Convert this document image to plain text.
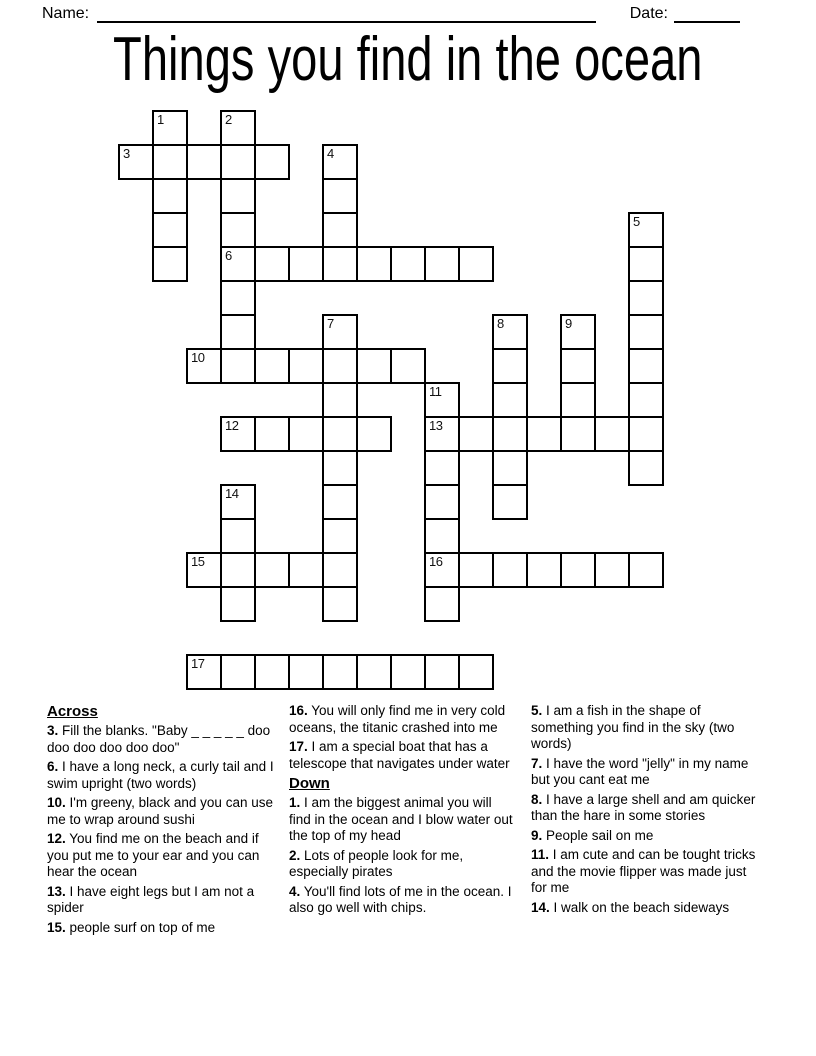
Name:	Date:
Things you find in the ocean
1	2
6
3	4
5
7	8	9
10
11
13
16
12
14
15
17
Across

3. Fill the blanks. "Baby _ _ _ _ _ doo doo doo doo doo doo"

6. I have a long neck, a curly tail and I swim upright (two words)

10. I'm greeny, black and you can use me to wrap around sushi

12. You find me on the beach and if you put me to your ear and you can hear the ocean

13. I have eight legs but I am not a spider

15. people surf on top of me

16. You will only find me in very cold oceans, the titanic crashed into me

17. I am a special boat that has a telescope that navigates under water

Down

1. I am the biggest animal you will find in the ocean and I blow water out the top of my head

2. Lots of people look for me, especially pirates

4. You'll find lots of me in the ocean. I also go well with chips.

5. I am a fish in the shape of something you find in the sky (two words)

7. I have the word "jelly" in my name but you cant eat me

8. I have a large shell and am quicker than the hare in some stories

9. People sail on me

11. I am cute and can be tought tricks and the movie flipper was made just for me

14. I walk on the beach sideways
